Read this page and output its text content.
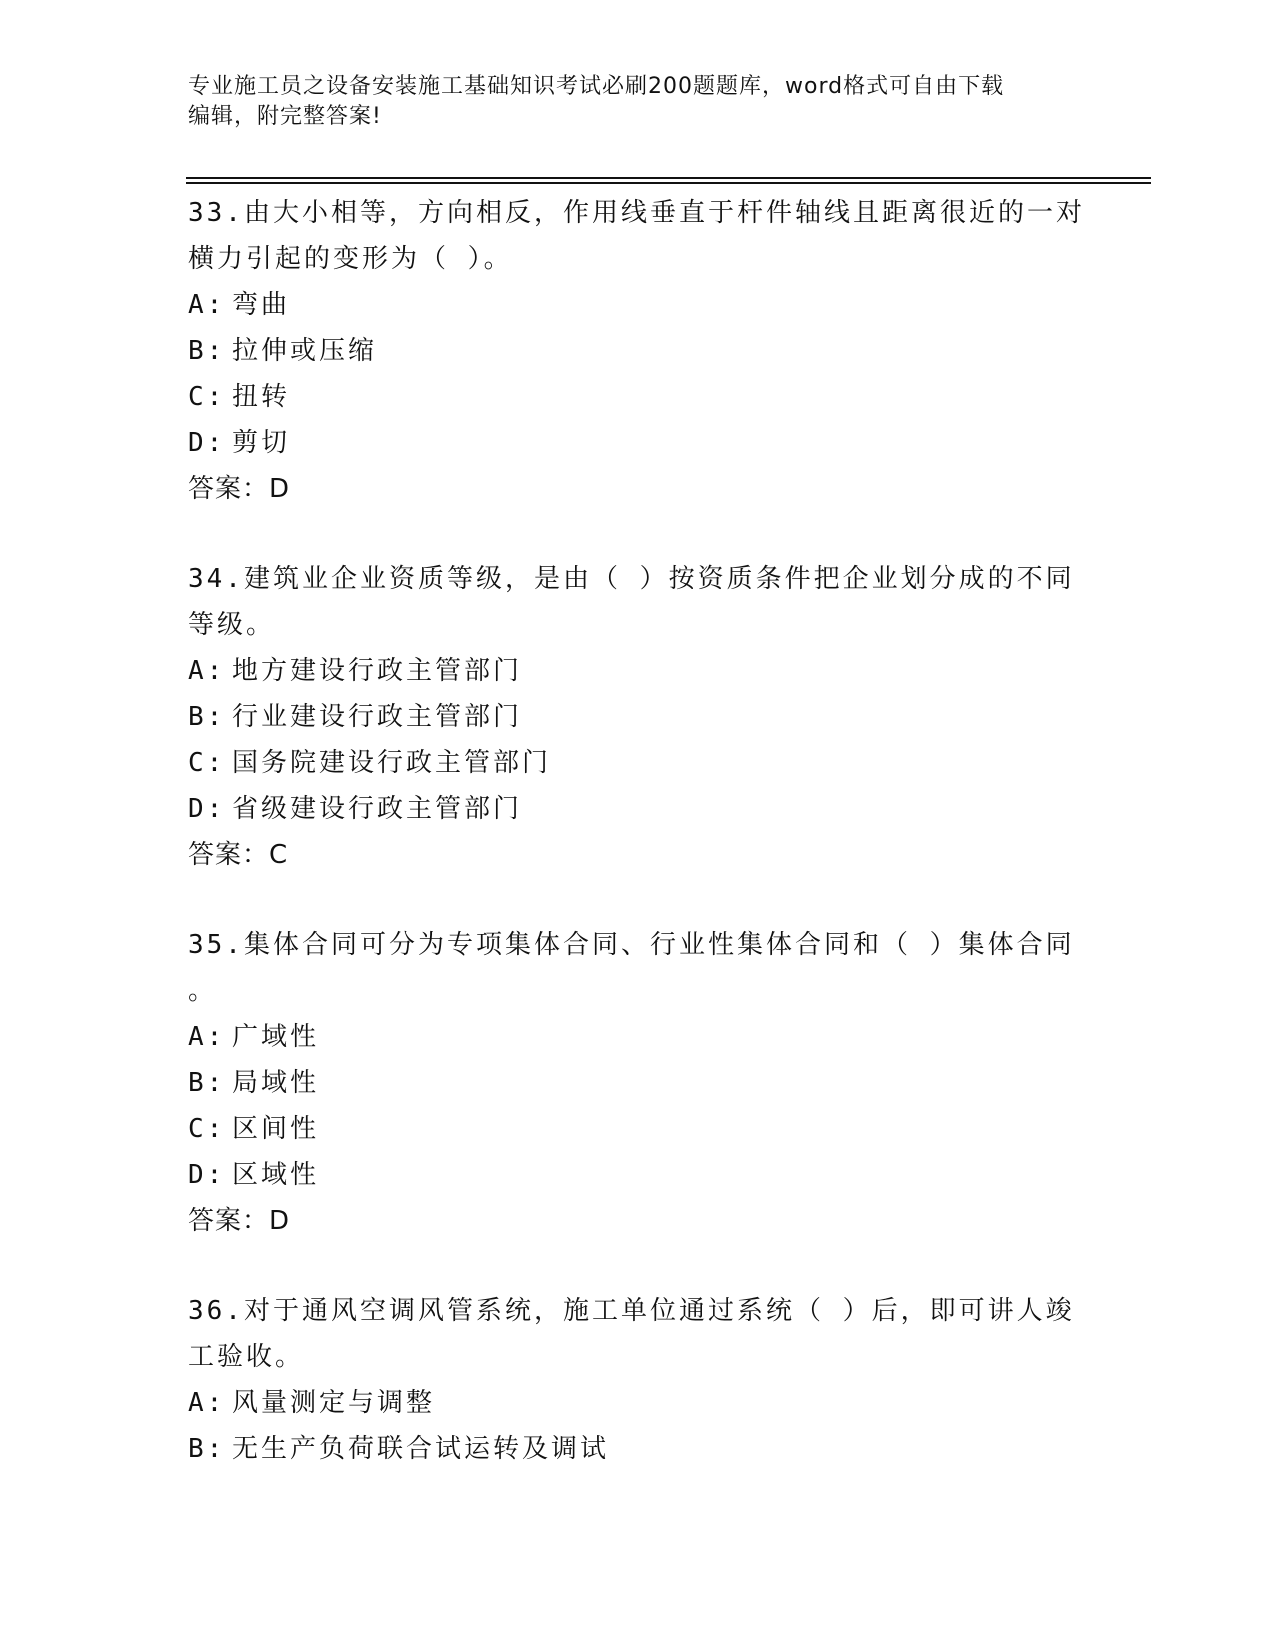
专业施工员之设备安装施工基础知识考试必刷200题题库，word格式可自由下载
编辑，附完整答案!
33.由大小相等，方向相反，作用线垂直于杆件轴线且距离很近的一对
横力引起的变形为（ ）。
A: 弯曲
B: 拉伸或压缩
C: 扭转
D: 剪切
答案：D
34.建筑业企业资质等级，是由（ ）按资质条件把企业划分成的不同
等级。
A: 地方建设行政主管部门
B: 行业建设行政主管部门
C: 国务院建设行政主管部门
D: 省级建设行政主管部门
答案：C
35.集体合同可分为专项集体合同、行业性集体合同和（ ）集体合同
。
A: 广域性
B: 局域性
C: 区间性
D: 区域性
答案：D
36.对于通风空调风管系统，施工单位通过系统（ ）后，即可讲人竣
工验收。
A: 风量测定与调整
B: 无生产负荷联合试运转及调试
